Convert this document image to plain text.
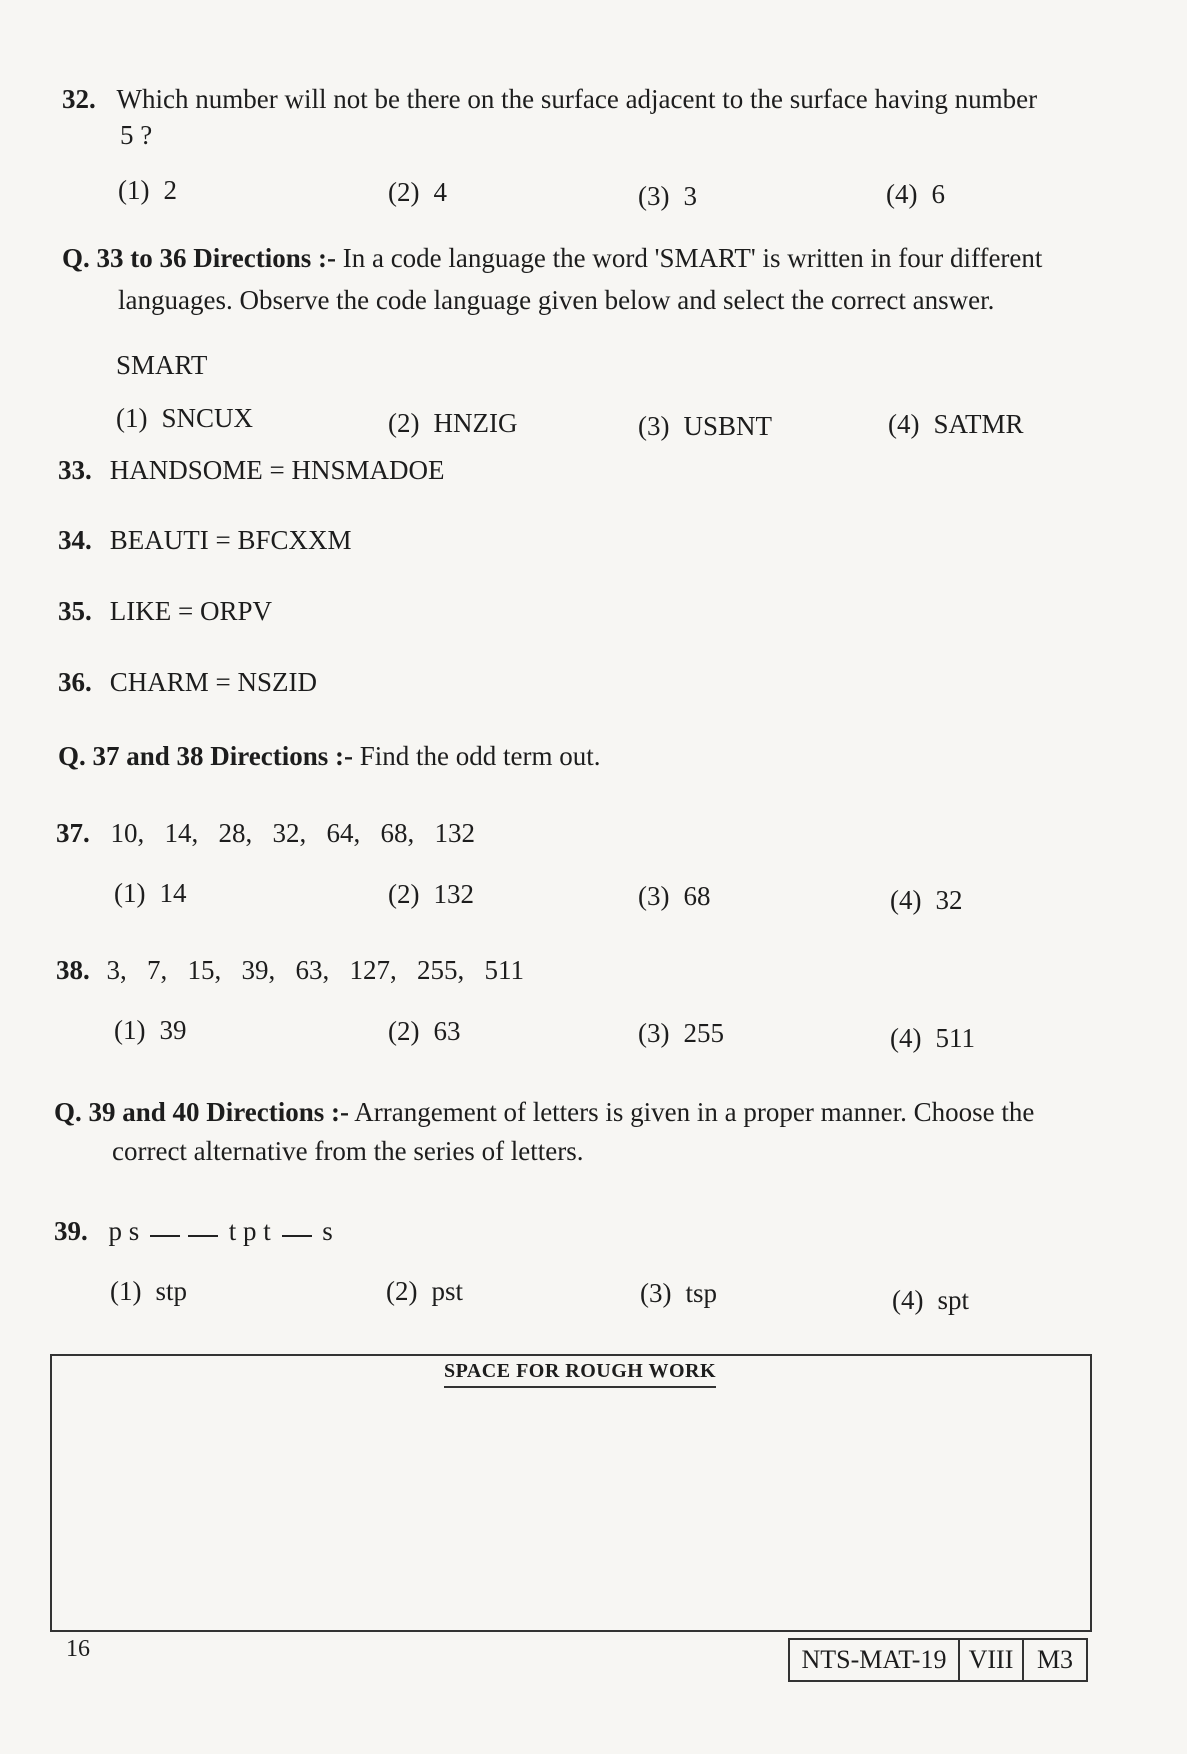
32. Which number will not be there on the surface adjacent to the surface having number
5 ?
(1) 2	(2) 4	(3) 3	(4) 6
Q. 33 to 36 Directions :- In a code language the word 'SMART' is written in four different
languages. Observe the code language given below and select the correct answer.
SMART
(1) SNCUX	(2) HNZIG	(3) USBNT	(4) SATMR
33. HANDSOME = HNSMADOE
34. BEAUTI = BFCXXM
35. LIKE = ORPV
36. CHARM = NSZID
Q. 37 and 38 Directions :- Find the odd term out.
37. 10,   14,   28,   32,   64,   68,   132
(1) 14	(2) 132	(3) 68	(4) 32
38. 3,   7,   15,   39,   63,   127,   255,   511
(1) 39	(2) 63	(3) 255	(4) 511
Q. 39 and 40 Directions :- Arrangement of letters is given in a proper manner. Choose the
correct alternative from the series of letters.
39. p s	t p t s
(1) stp	(2) pst	(3) tsp	(4) spt
SPACE FOR ROUGH WORK
16	NTS-MAT-19 VIII M3
